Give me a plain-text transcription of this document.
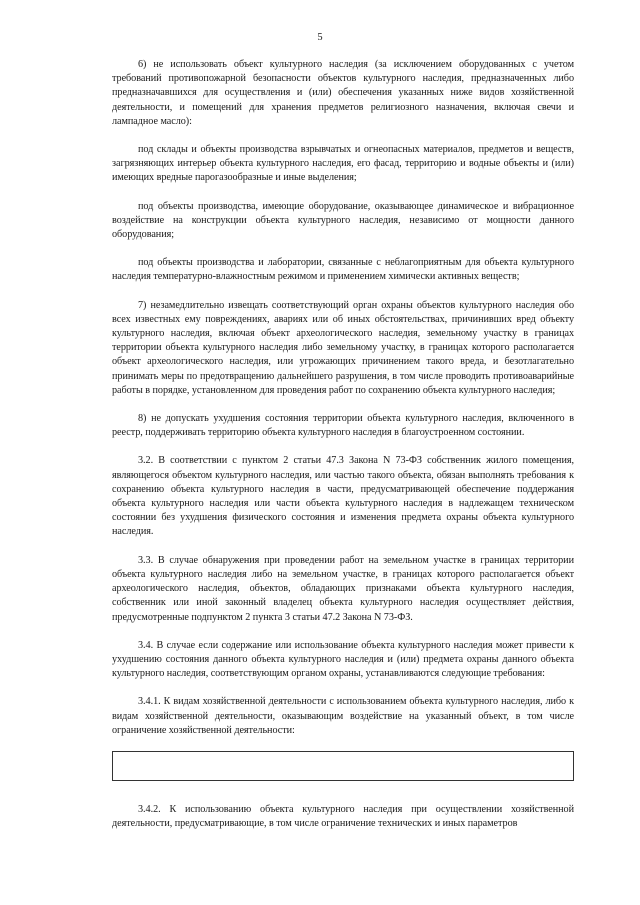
5

6) не использовать объект культурного наследия (за исключением оборудованных с учетом требований противопожарной безопасности объектов культурного наследия, предназначенных либо предназначавшихся для осуществления и (или) обеспечения указанных ниже видов хозяйственной деятельности, и помещений для хранения предметов религиозного назначения, включая свечи и лампадное масло):

под склады и объекты производства взрывчатых и огнеопасных материалов, предметов и веществ, загрязняющих интерьер объекта культурного наследия, его фасад, территорию и водные объекты и (или) имеющих вредные парогазообразные и иные выделения;

под объекты производства, имеющие оборудование, оказывающее динамическое и вибрационное воздействие на конструкции объекта культурного наследия, независимо от мощности данного оборудования;

под объекты производства и лаборатории, связанные с неблагоприятным для объекта культурного наследия температурно-влажностным режимом и применением химически активных веществ;

7) незамедлительно извещать соответствующий орган охраны объектов культурного наследия обо всех известных ему повреждениях, авариях или об иных обстоятельствах, причинивших вред объекту культурного наследия, включая объект археологического наследия, земельному участку в границах территории объекта культурного наследия либо земельному участку, в границах которого располагается объект археологического наследия, или угрожающих причинением такого вреда, и безотлагательно принимать меры по предотвращению дальнейшего разрушения, в том числе проводить противоаварийные работы в порядке, установленном для проведения работ по сохранению объекта культурного наследия;

8) не допускать ухудшения состояния территории объекта культурного наследия, включенного в реестр, поддерживать территорию объекта культурного наследия в благоустроенном состоянии.

3.2. В соответствии с пунктом 2 статьи 47.3 Закона N 73-ФЗ собственник жилого помещения, являющегося объектом культурного наследия, или частью такого объекта, обязан выполнять требования к сохранению объекта культурного наследия в части, предусматривающей обеспечение поддержания объекта культурного наследия или части объекта культурного наследия в надлежащем техническом состоянии без ухудшения физического состояния и изменения предмета охраны объекта культурного наследия.

3.3. В случае обнаружения при проведении работ на земельном участке в границах территории объекта культурного наследия либо на земельном участке, в границах которого располагается объект археологического наследия, объектов, обладающих признаками объекта культурного наследия, собственник или иной законный владелец объекта культурного наследия осуществляет действия, предусмотренные подпунктом 2 пункта 3 статьи 47.2 Закона N 73-ФЗ.

3.4. В случае если содержание или использование объекта культурного наследия может привести к ухудшению состояния данного объекта культурного наследия и (или) предмета охраны данного объекта культурного наследия, соответствующим органом охраны, устанавливаются следующие требования:

3.4.1. К видам хозяйственной деятельности с использованием объекта культурного наследия, либо к видам хозяйственной деятельности, оказывающим воздействие на указанный объект, в том числе ограничение хозяйственной деятельности:

3.4.2. К использованию объекта культурного наследия при осуществлении хозяйственной деятельности, предусматривающие, в том числе ограничение технических и иных параметров
